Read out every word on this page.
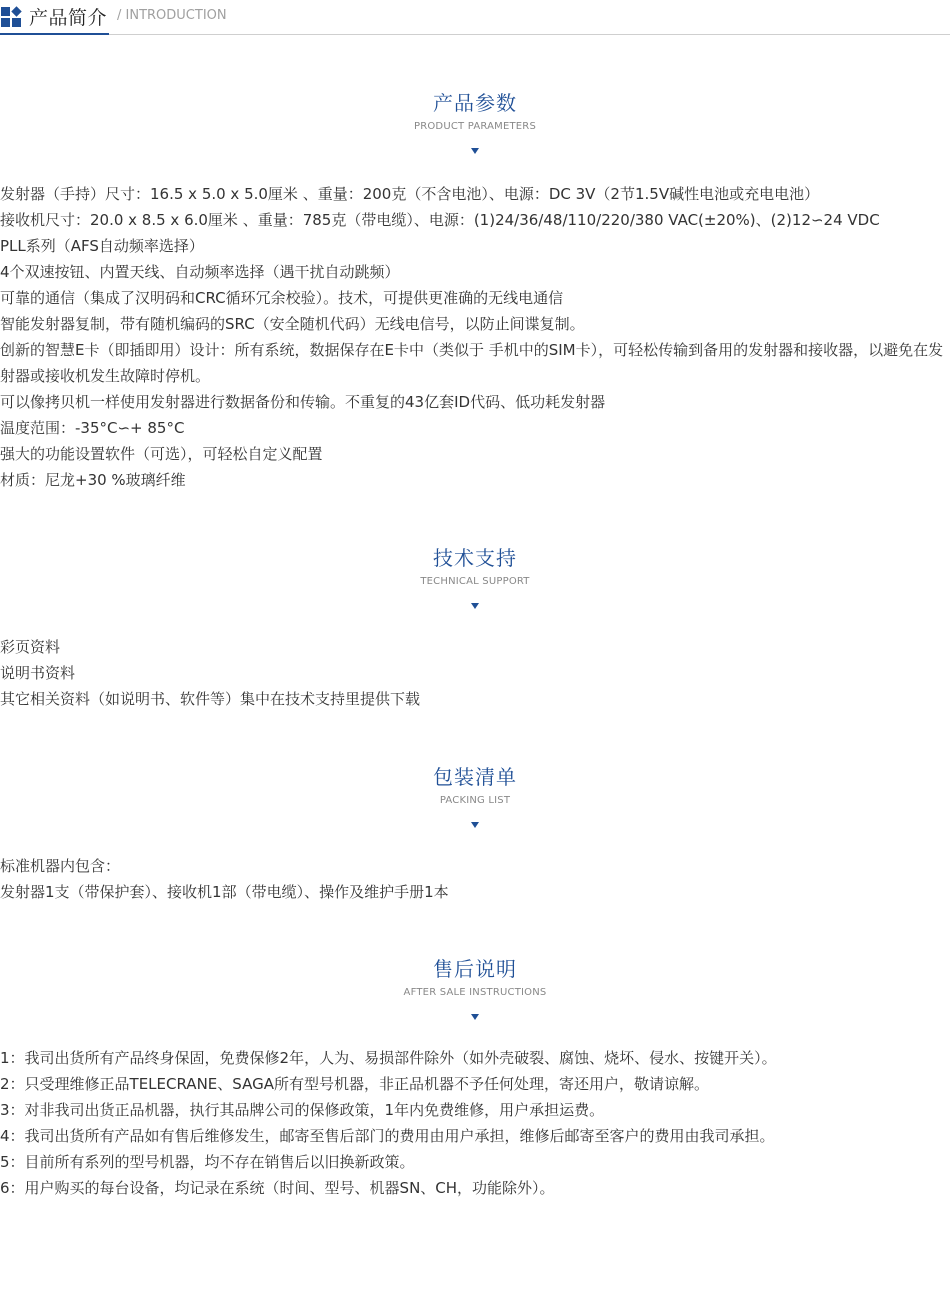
产品简介 / INTRODUCTION
产品参数
PRODUCT PARAMETERS
发射器（手持）尺寸：16.5 x 5.0 x 5.0厘米 、重量：200克（不含电池）、电源：DC 3V（2节1.5V碱性电池或充电电池）
接收机尺寸：20.0 x 8.5 x 6.0厘米 、重量：785克（带电缆）、电源：(1)24/36/48/110/220/380 VAC(±20%)、(2)12∽24 VDC
PLL系列（AFS自动频率选择）
4个双速按钮、内置天线、自动频率选择（遇干扰自动跳频）
可靠的通信（集成了汉明码和CRC循环冗余校验）。技术，可提供更准确的无线电通信
智能发射器复制，带有随机编码的SRC（安全随机代码）无线电信号，以防止间谍复制。
创新的智慧E卡（即插即用）设计：所有系统，数据保存在E卡中（类似于 手机中的SIM卡），可轻松传输到备用的发射器和接收器，以避免在发射器或接收机发生故障时停机。
可以像拷贝机一样使用发射器进行数据备份和传输。不重复的43亿套ID代码、低功耗发射器
温度范围：-35°C∽+ 85°C
强大的功能设置软件（可选），可轻松自定义配置
材质：尼龙+30 %玻璃纤维
技术支持
TECHNICAL SUPPORT
彩页资料
说明书资料
其它相关资料（如说明书、软件等）集中在技术支持里提供下载
包装清单
PACKING LIST
标准机器内包含：
发射器1支（带保护套）、接收机1部（带电缆）、操作及维护手册1本
售后说明
AFTER SALE INSTRUCTIONS
1：我司出货所有产品终身保固，免费保修2年，人为、易损部件除外（如外壳破裂、腐蚀、烧坏、侵水、按键开关）。
2：只受理维修正品TELECRANE、SAGA所有型号机器，非正品机器不予任何处理，寄还用户，敬请谅解。
3：对非我司出货正品机器，执行其品牌公司的保修政策，1年内免费维修，用户承担运费。
4：我司出货所有产品如有售后维修发生，邮寄至售后部门的费用由用户承担，维修后邮寄至客户的费用由我司承担。
5：目前所有系列的型号机器，均不存在销售后以旧换新政策。
6：用户购买的每台设备，均记录在系统（时间、型号、机器SN、CH，功能除外）。
